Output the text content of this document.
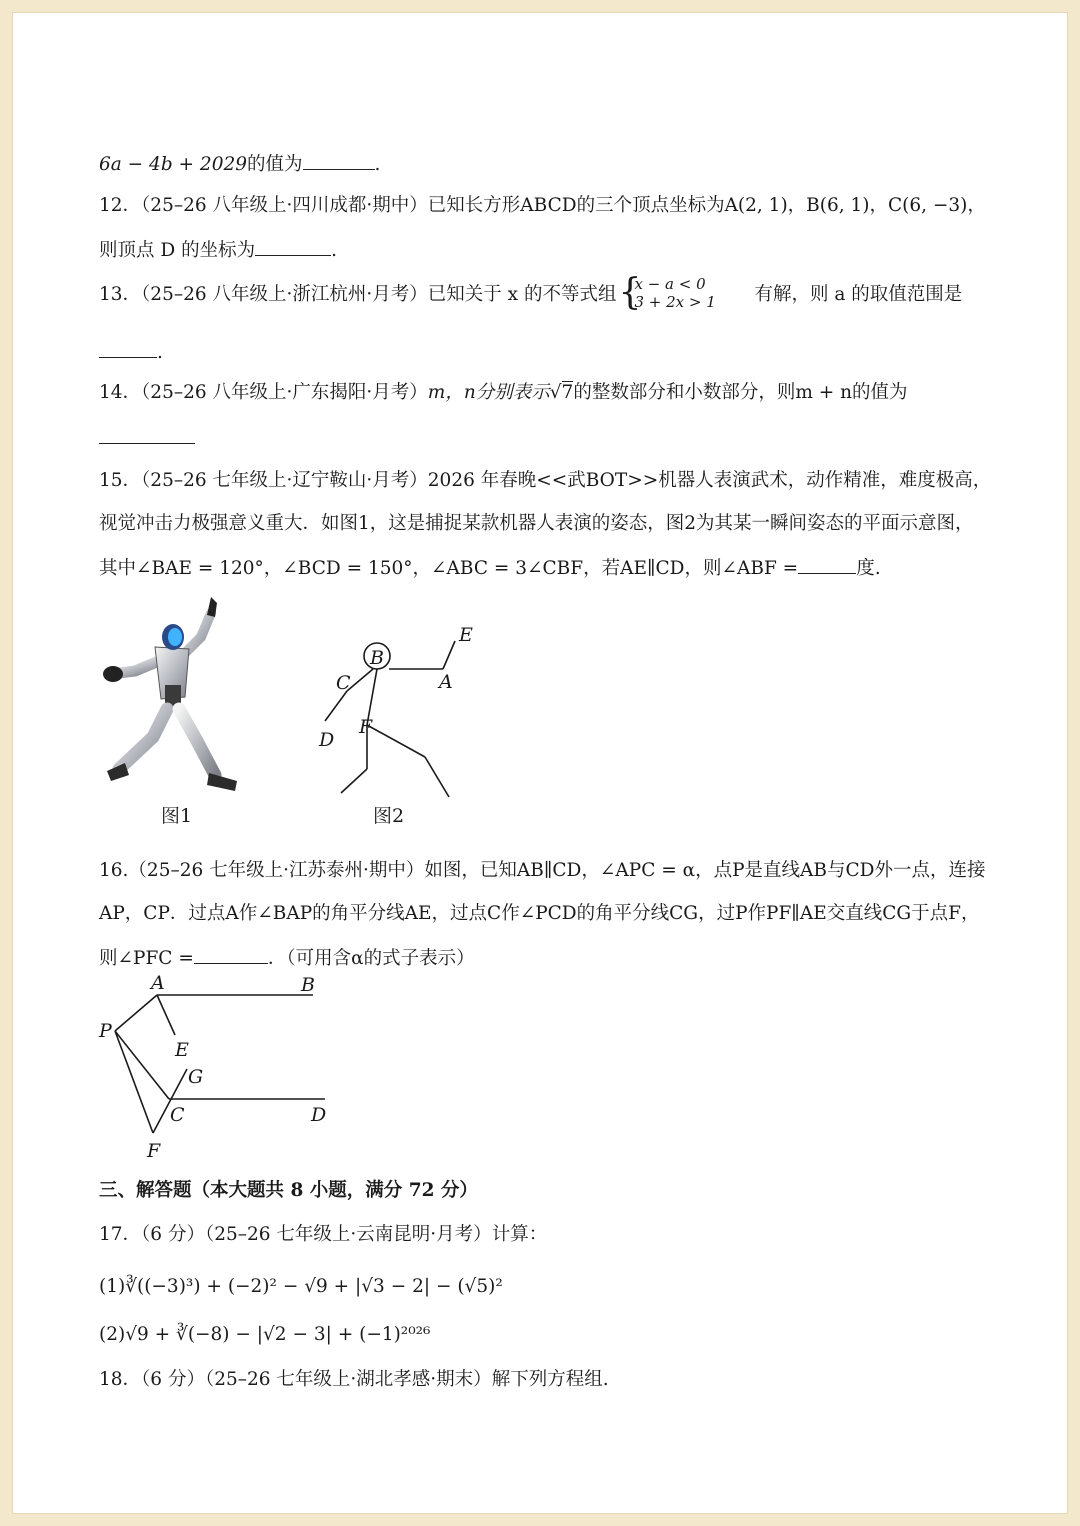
6a − 4b + 2029的值为	.
12．（25–26 八年级上·四川成都·期中）已知长方形ABCD的三个顶点坐标为A(2, 1)，B(6, 1)，C(6, −3)，
则顶点 D 的坐标为	.
13．（25–26 八年级上·浙江杭州·月考）已知关于 x 的不等式组 {
x − a < 0
3 + 2x > 1 有解，则 a 的取值范围是
.
14．（25–26 八年级上·广东揭阳·月考）m，n分别表示√7的整数部分和小数部分，则m + n的值为
15．（25–26 七年级上·辽宁鞍山·月考）2026 年春晚<<武BOT>>机器人表演武术，动作精准，难度极高，
视觉冲击力极强意义重大．如图1，这是捕捉某款机器人表演的姿态，图2为其某一瞬间姿态的平面示意图，
其中∠BAE = 120°，∠BCD = 150°，∠ABC = 3∠CBF，若AE∥CD，则∠ABF =	度.
图1
B
E
C	A
F
D
图2
16.（25–26 七年级上·江苏泰州·期中）如图，已知AB∥CD，∠APC = α，点P是直线AB与CD外一点，连接
AP，CP．过点A作∠BAP的角平分线AE，过点C作∠PCD的角平分线CG，过P作PF∥AE交直线CG于点F，
则∠PFC =	．（可用含α的式子表示）
A	B
P
E
G
C	D
F
三、解答题（本大题共 8 小题，满分 72 分）
17．（6 分）（25–26 七年级上·云南昆明·月考）计算：
(1)∛((−3)³) + (−2)² − √9 + |√3 − 2| − (√5)²
(2)√9 + ∛(−8) − |√2 − 3| + (−1)²⁰²⁶
18．（6 分）（25–26 七年级上·湖北孝感·期末）解下列方程组.
